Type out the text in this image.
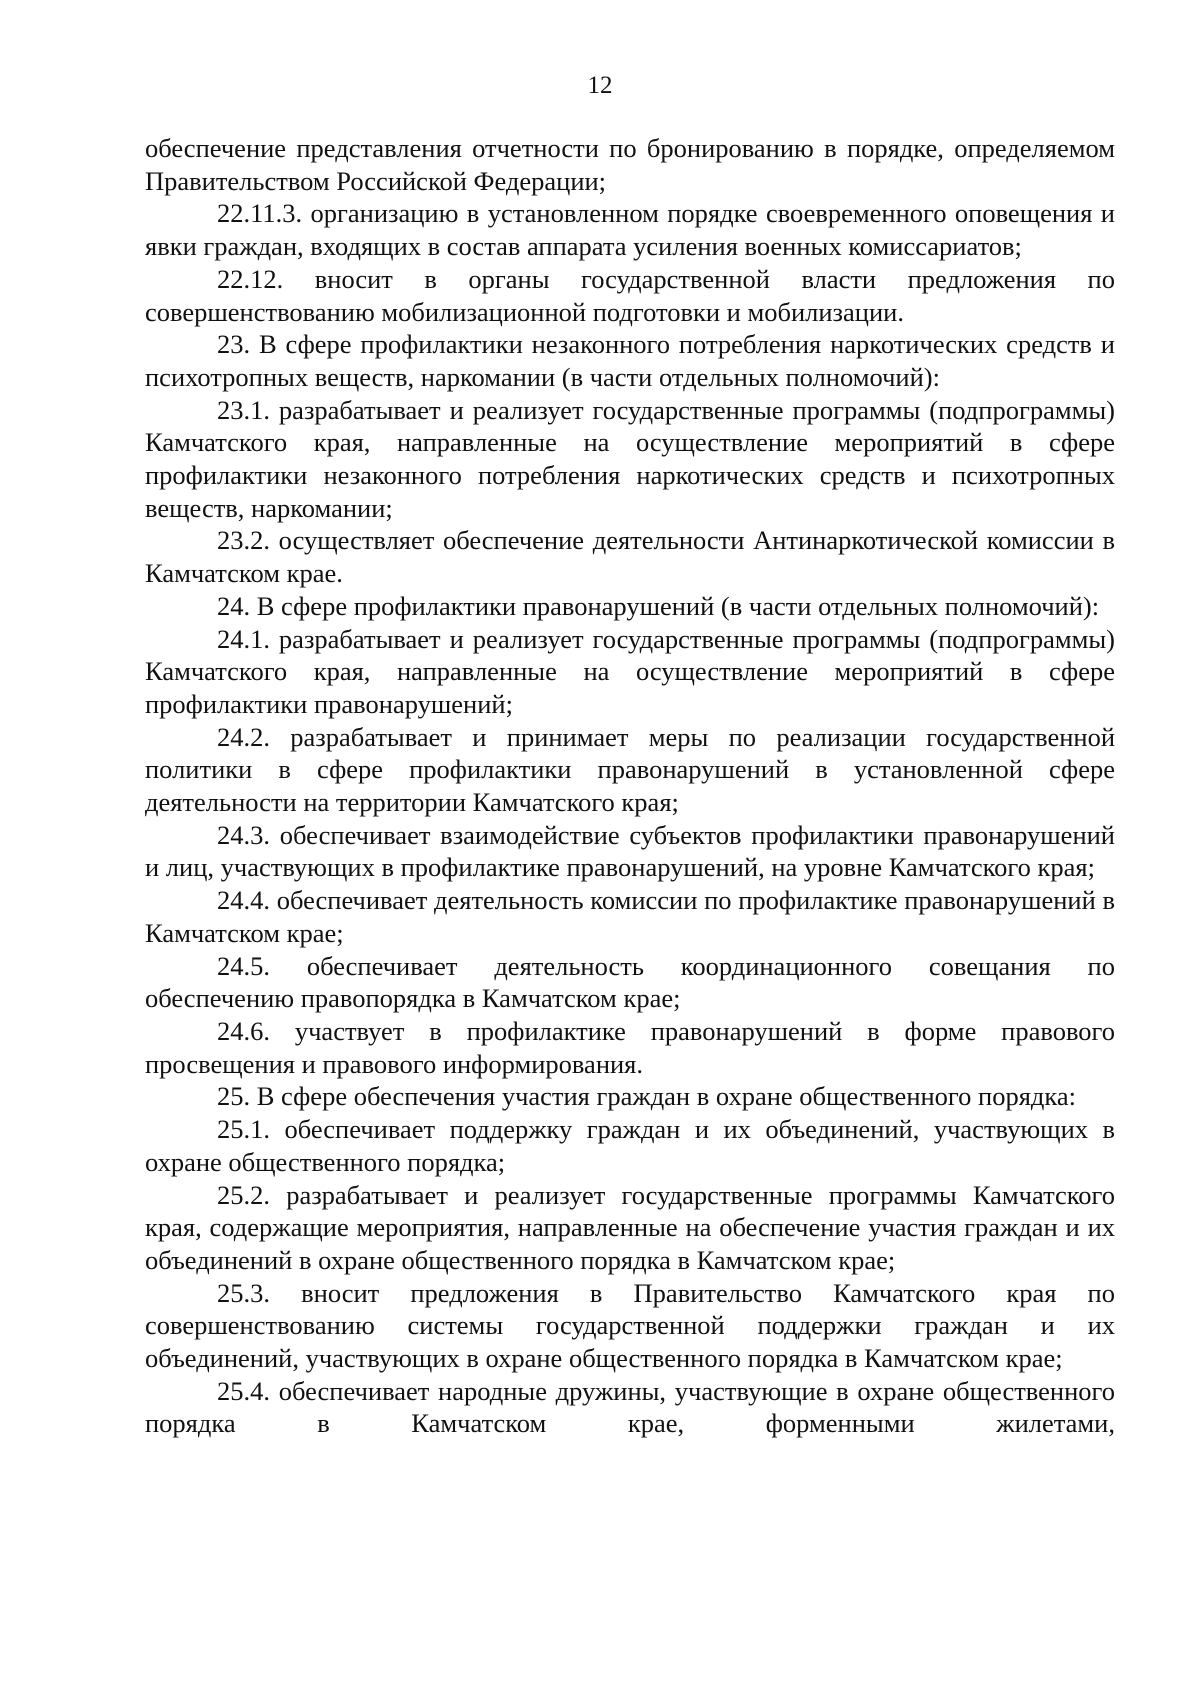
12

обеспечение представления отчетности по бронированию в порядке, определяемом Правительством Российской Федерации;

22.11.3. организацию в установленном порядке своевременного оповещения и явки граждан, входящих в состав аппарата усиления военных комиссариатов;

22.12. вносит в органы государственной власти предложения по совершенствованию мобилизационной подготовки и мобилизации.

23. В сфере профилактики незаконного потребления наркотических средств и психотропных веществ, наркомании (в части отдельных полномочий):

23.1. разрабатывает и реализует государственные программы (подпрограммы) Камчатского края, направленные на осуществление мероприятий в сфере профилактики незаконного потребления наркотических средств и психотропных веществ, наркомании;

23.2. осуществляет обеспечение деятельности Антинаркотической комиссии в Камчатском крае.

24. В сфере профилактики правонарушений (в части отдельных полномочий):

24.1. разрабатывает и реализует государственные программы (подпрограммы) Камчатского края, направленные на осуществление мероприятий в сфере профилактики правонарушений;

24.2. разрабатывает и принимает меры по реализации государственной политики в сфере профилактики правонарушений в установленной сфере деятельности на территории Камчатского края;

24.3. обеспечивает взаимодействие субъектов профилактики правонарушений и лиц, участвующих в профилактике правонарушений, на уровне Камчатского края;

24.4. обеспечивает деятельность комиссии по профилактике правонарушений в Камчатском крае;

24.5. обеспечивает деятельность координационного совещания по обеспечению правопорядка в Камчатском крае;

24.6. участвует в профилактике правонарушений в форме правового просвещения и правового информирования.

25. В сфере обеспечения участия граждан в охране общественного порядка:

25.1. обеспечивает поддержку граждан и их объединений, участвующих в охране общественного порядка;

25.2. разрабатывает и реализует государственные программы Камчатского края, содержащие мероприятия, направленные на обеспечение участия граждан и их объединений в охране общественного порядка в Камчатском крае;

25.3. вносит предложения в Правительство Камчатского края по совершенствованию системы государственной поддержки граждан и их объединений, участвующих в охране общественного порядка в Камчатском крае;

25.4. обеспечивает народные дружины, участвующие в охране общественного порядка в Камчатском крае, форменными жилетами,
